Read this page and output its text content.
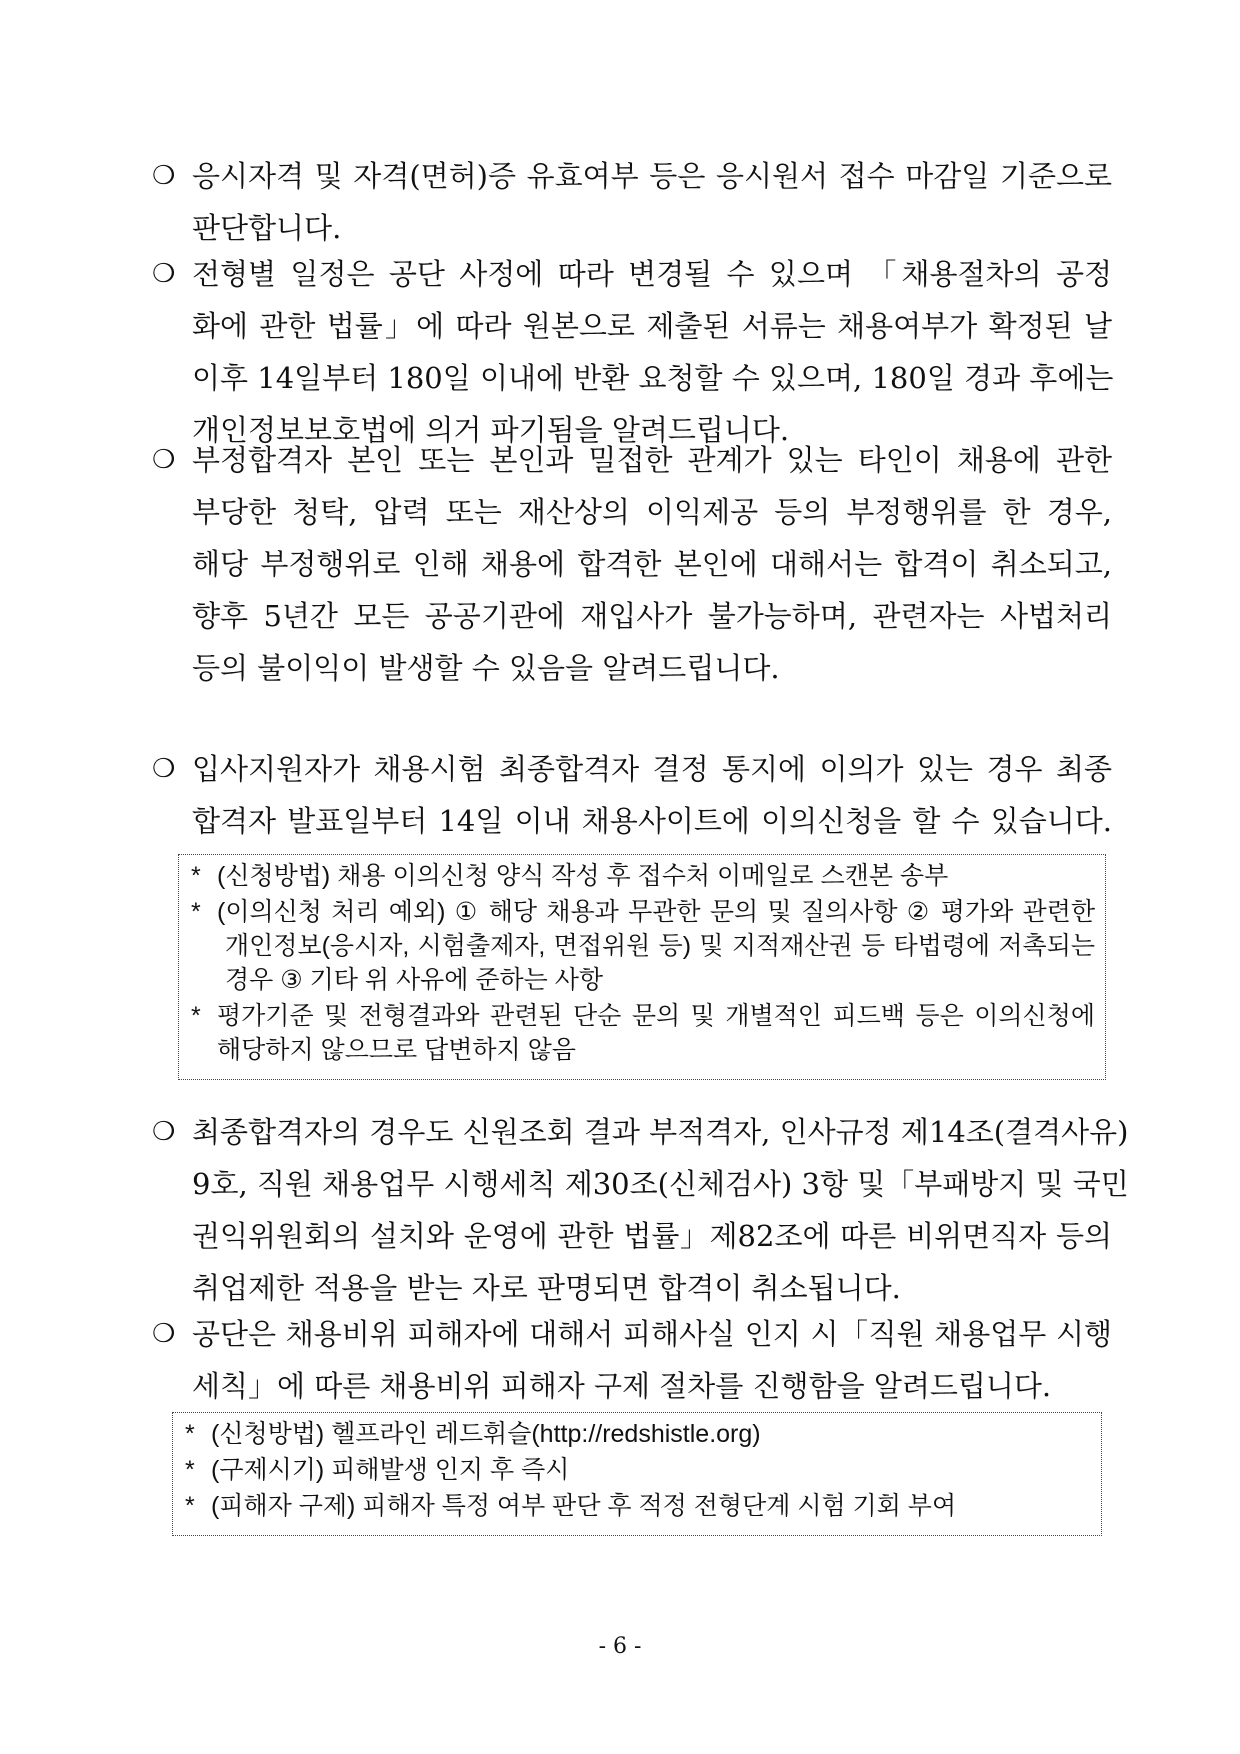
❍ 응시자격 및 자격(면허)증 유효여부 등은 응시원서 접수 마감일 기준으로
판단합니다.
❍ 전형별 일정은 공단 사정에 따라 변경될 수 있으며 「채용절차의 공정
화에 관한 법률」에 따라 원본으로 제출된 서류는 채용여부가 확정된 날
이후 14일부터 180일 이내에 반환 요청할 수 있으며, 180일 경과 후에는
개인정보보호법에 의거 파기됨을 알려드립니다.
❍ 부정합격자 본인 또는 본인과 밀접한 관계가 있는 타인이 채용에 관한
부당한 청탁, 압력 또는 재산상의 이익제공 등의 부정행위를 한 경우,
해당 부정행위로 인해 채용에 합격한 본인에 대해서는 합격이 취소되고,
향후 5년간 모든 공공기관에 재입사가 불가능하며, 관련자는 사법처리
등의 불이익이 발생할 수 있음을 알려드립니다.
❍ 입사지원자가 채용시험 최종합격자 결정 통지에 이의가 있는 경우 최종
합격자 발표일부터 14일 이내 채용사이트에 이의신청을 할 수 있습니다.
* (신청방법) 채용 이의신청 양식 작성 후 접수처 이메일로 스캔본 송부
* (이의신청 처리 예외) ① 해당 채용과 무관한 문의 및 질의사항 ② 평가와 관련한
개인정보(응시자, 시험출제자, 면접위원 등) 및 지적재산권 등 타법령에 저촉되는
경우 ③ 기타 위 사유에 준하는 사항
* 평가기준 및 전형결과와 관련된 단순 문의 및 개별적인 피드백 등은 이의신청에
해당하지 않으므로 답변하지 않음
❍ 최종합격자의 경우도 신원조회 결과 부적격자, 인사규정 제14조(결격사유)
9호, 직원 채용업무 시행세칙 제30조(신체검사) 3항 및「부패방지 및 국민
권익위원회의 설치와 운영에 관한 법률」제82조에 따른 비위면직자 등의
취업제한 적용을 받는 자로 판명되면 합격이 취소됩니다.
❍ 공단은 채용비위 피해자에 대해서 피해사실 인지 시「직원 채용업무 시행
세칙」에 따른 채용비위 피해자 구제 절차를 진행함을 알려드립니다.
* (신청방법) 헬프라인 레드휘슬(http://redshistle.org)
* (구제시기) 피해발생 인지 후 즉시
* (피해자 구제) 피해자 특정 여부 판단 후 적정 전형단계 시험 기회 부여
- 6 -
